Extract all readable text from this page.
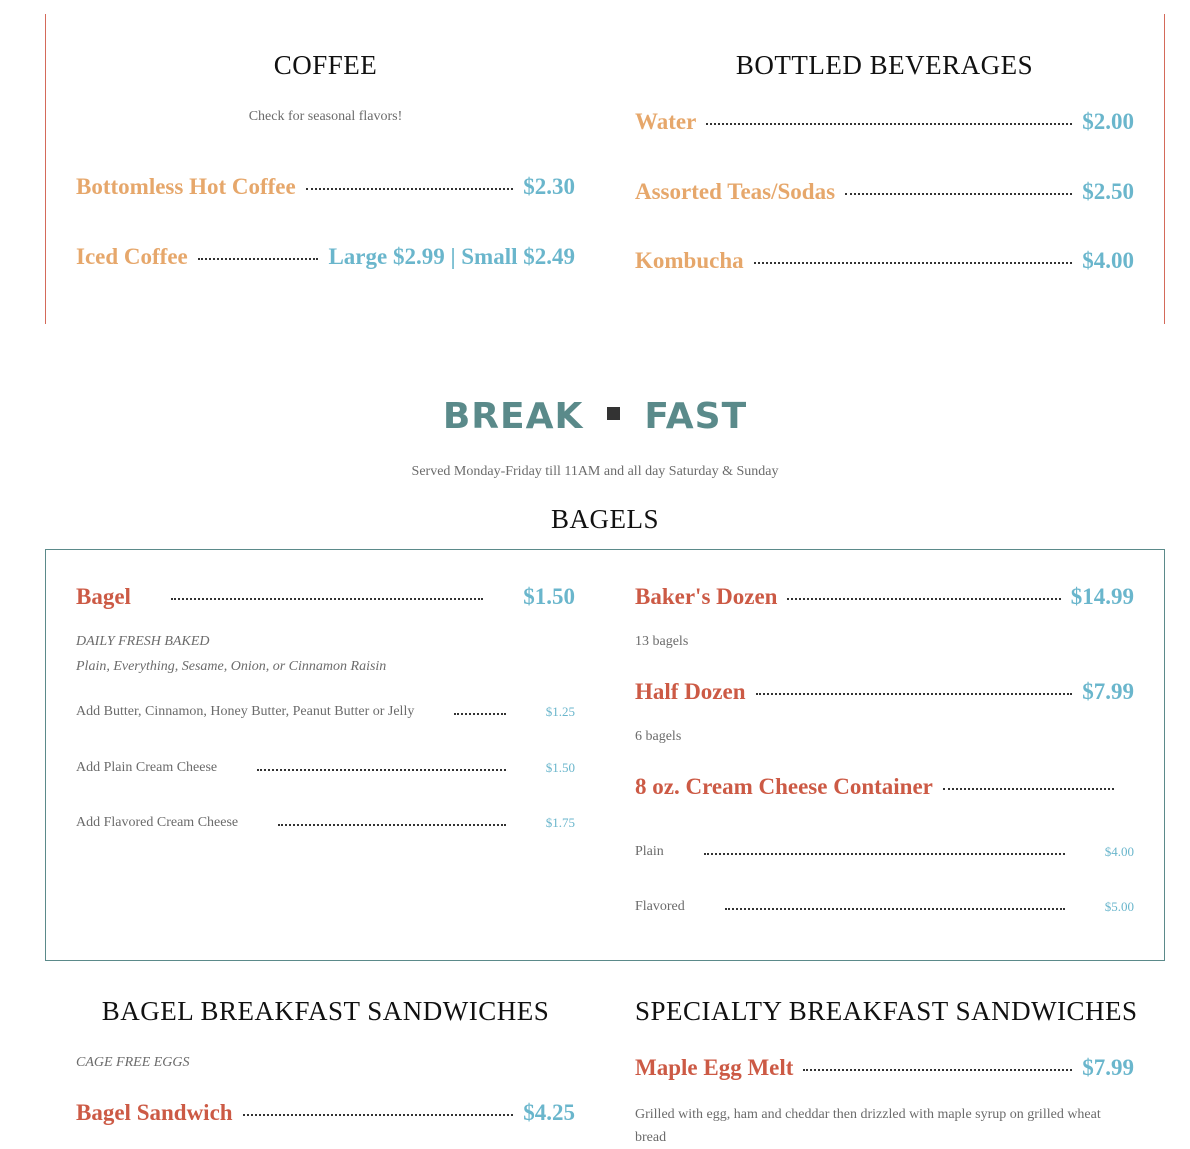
COFFEE
Check for seasonal flavors!
Bottomless Hot Coffee	$2.30
Iced Coffee	Large $2.99 | Small $2.49
BOTTLED BEVERAGES
Water	$2.00
Assorted Teas/Sodas	$2.50
Kombucha	$4.00
BREAK FAST
Served Monday-Friday till 11AM and all day Saturday & Sunday
BAGELS
Bagel	$1.50
DAILY FRESH BAKED
Plain, Everything, Sesame, Onion, or Cinnamon Raisin
Add Butter, Cinnamon, Honey Butter, Peanut Butter or Jelly	$1.25
Add Plain Cream Cheese	$1.50
Add Flavored Cream Cheese	$1.75
Baker's Dozen	$14.99
13 bagels
Half Dozen	$7.99
6 bagels
8 oz. Cream Cheese Container
Plain	$4.00
Flavored	$5.00
BAGEL BREAKFAST SANDWICHES
CAGE FREE EGGS
Bagel Sandwich	$4.25
SPECIALTY BREAKFAST SANDWICHES
Maple Egg Melt	$7.99
Grilled with egg, ham and cheddar then drizzled with maple syrup on grilled wheat bread
